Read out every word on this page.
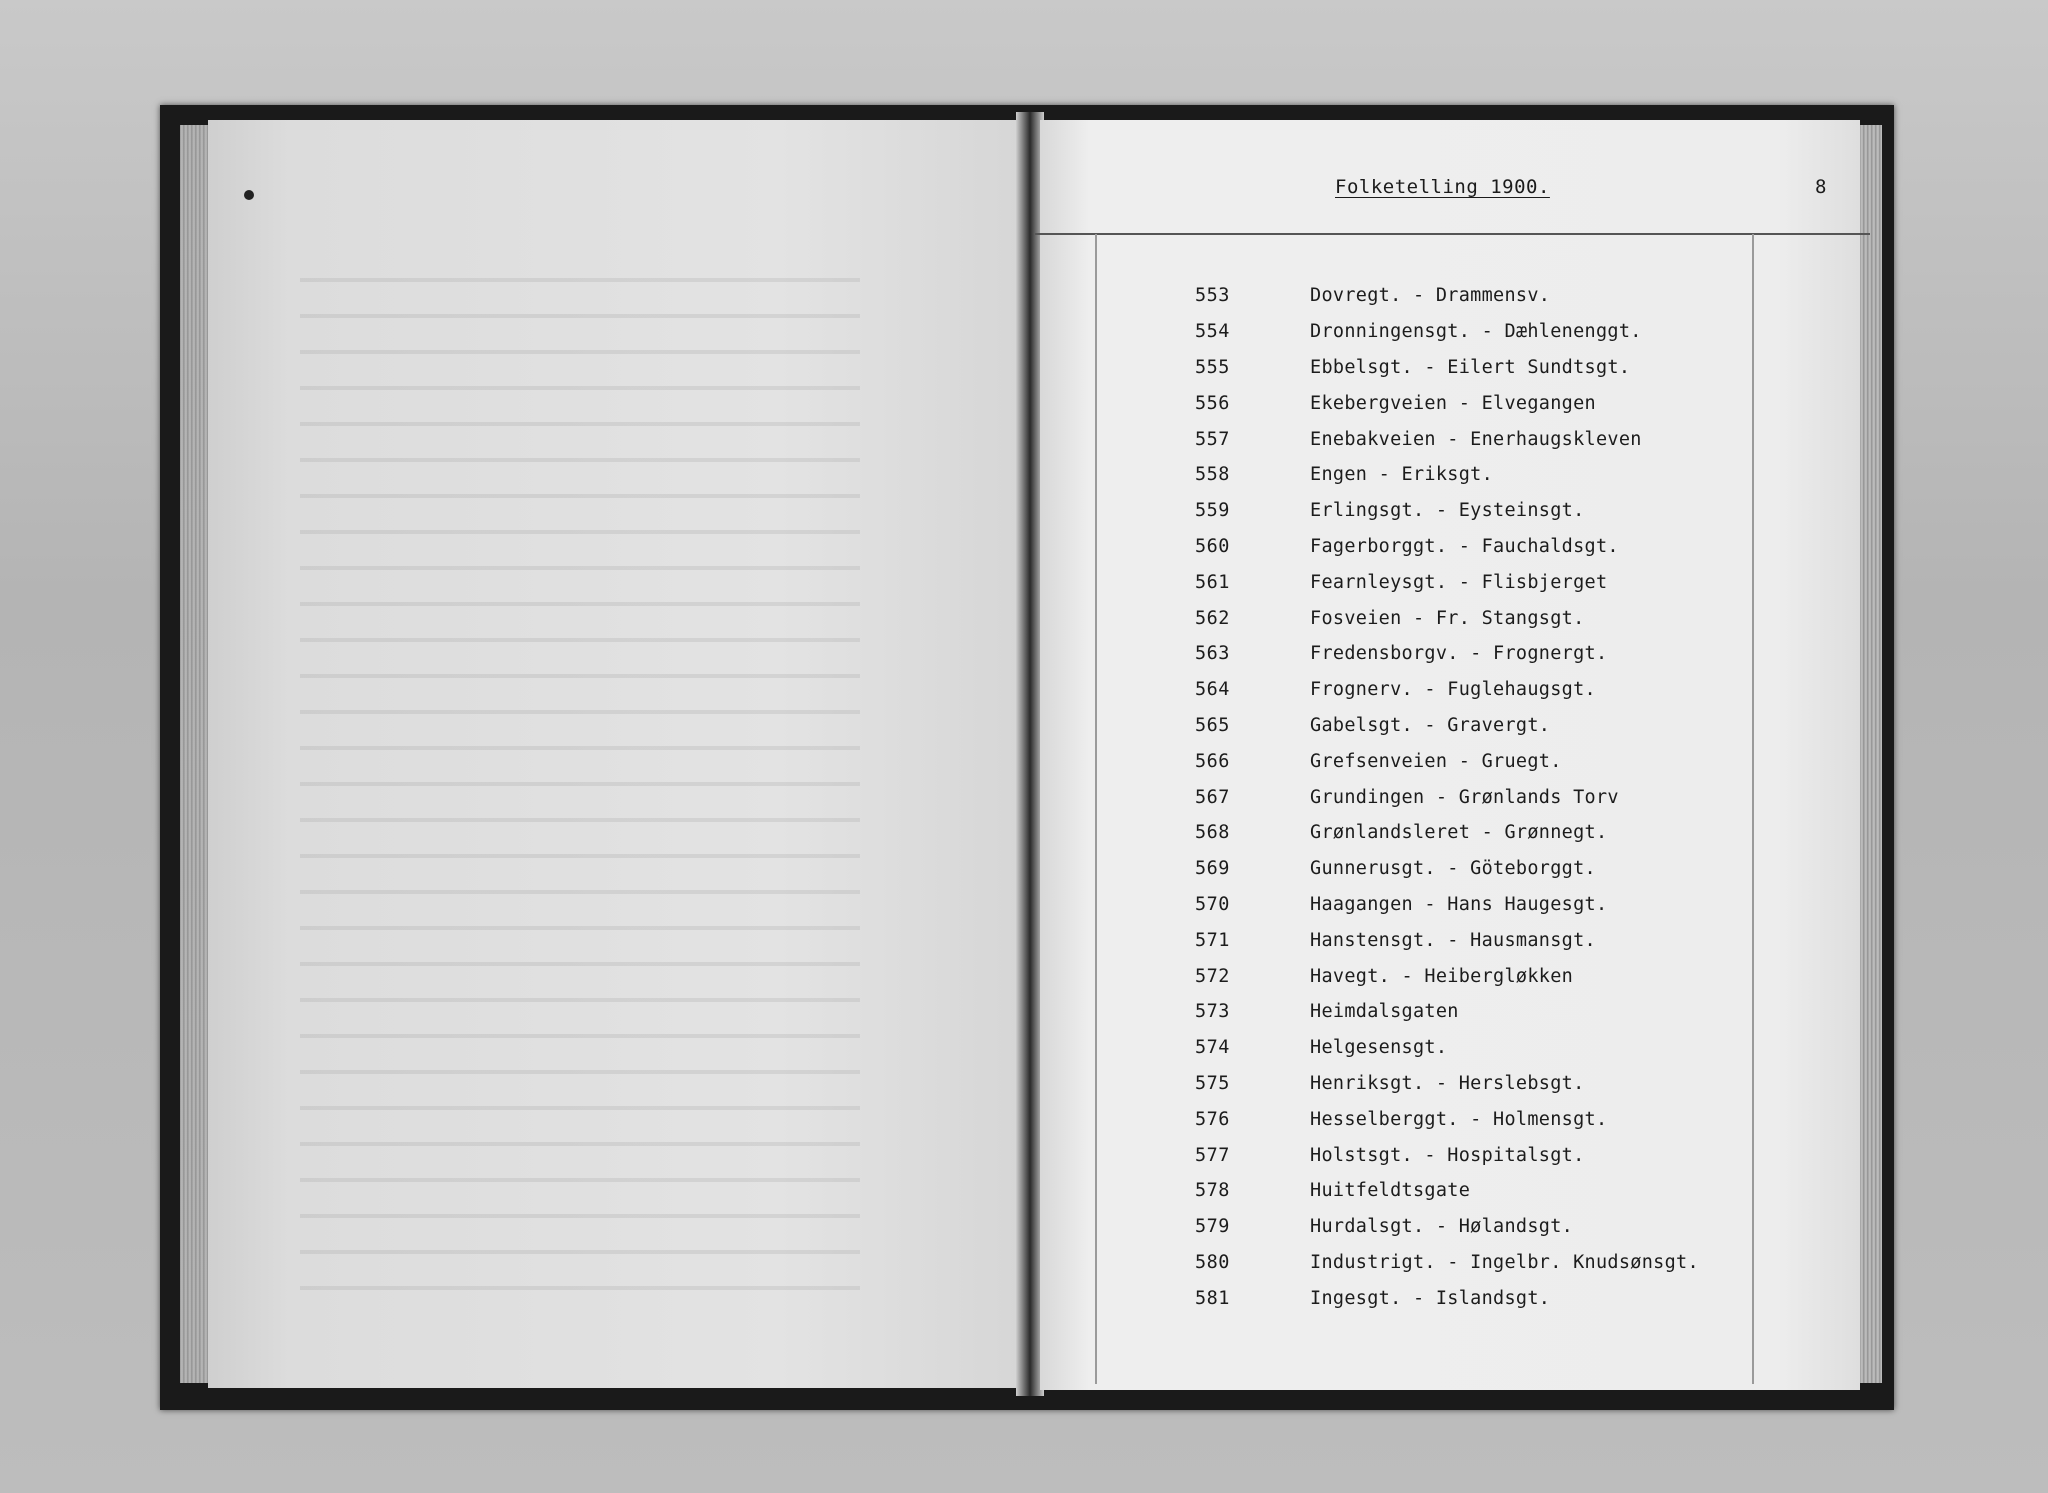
Folketelling 1900.	8
553	Dovregt. - Drammensv.
554	Dronningensgt. - Dæhlenenggt.
555	Ebbelsgt. - Eilert Sundtsgt.
556	Ekebergveien - Elvegangen
557	Enebakveien - Enerhaugskleven
558	Engen - Eriksgt.
559	Erlingsgt. - Eysteinsgt.
560	Fagerborggt. - Fauchaldsgt.
561	Fearnleysgt. - Flisbjerget
562	Fosveien - Fr. Stangsgt.
563	Fredensborgv. - Frognergt.
564	Frognerv. - Fuglehaugsgt.
565	Gabelsgt. - Gravergt.
566	Grefsenveien - Gruegt.
567	Grundingen - Grønlands Torv
568	Grønlandsleret - Grønnegt.
569	Gunnerusgt. - Göteborggt.
570	Haagangen - Hans Haugesgt.
571	Hanstensgt. - Hausmansgt.
572	Havegt. - Heibergløkken
573	Heimdalsgaten
574	Helgesensgt.
575	Henriksgt. - Herslebsgt.
576	Hesselberggt. - Holmensgt.
577	Holstsgt. - Hospitalsgt.
578	Huitfeldtsgate
579	Hurdalsgt. - Hølandsgt.
580	Industrigt. - Ingelbr. Knudsønsgt.
581	Ingesgt. - Islandsgt.
